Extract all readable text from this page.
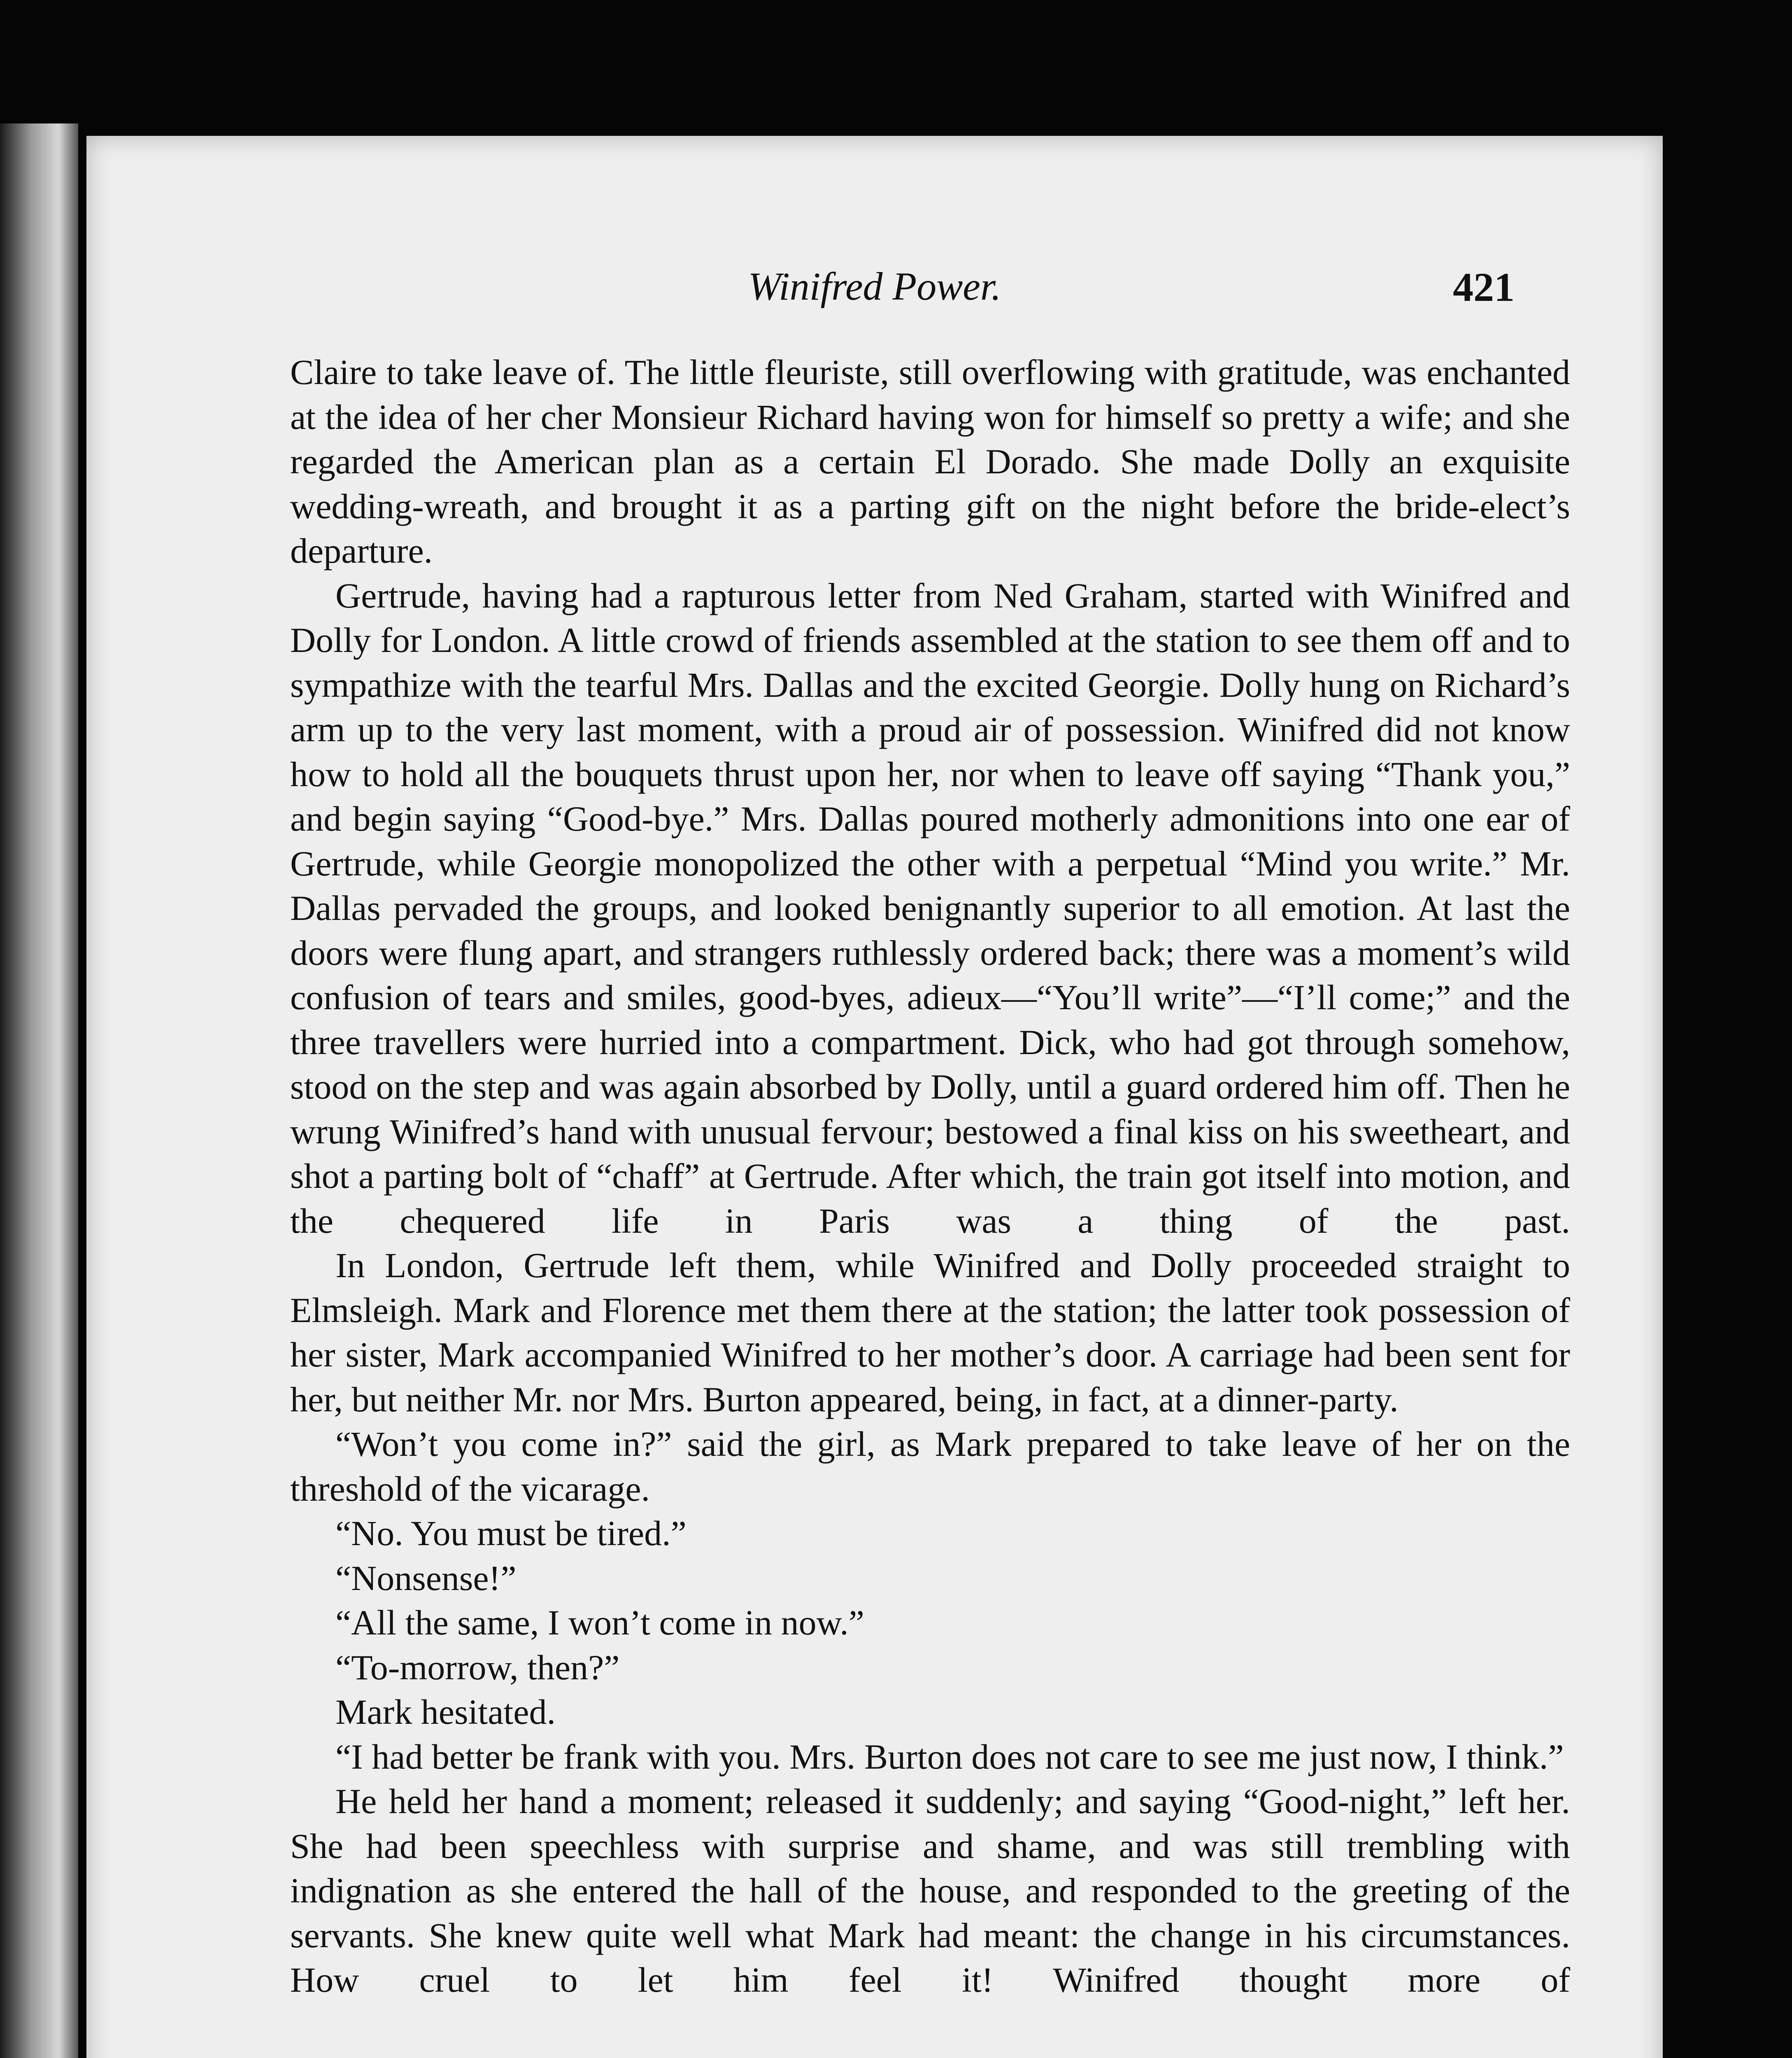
Winifred Power.	421

Claire to take leave of. The little fleuriste, still overflowing with gratitude, was enchanted at the idea of her cher Monsieur Richard having won for himself so pretty a wife; and she regarded the American plan as a certain El Dorado. She made Dolly an exquisite wedding-wreath, and brought it as a parting gift on the night before the bride-elect’s departure.

Gertrude, having had a rapturous letter from Ned Graham, started with Winifred and Dolly for London. A little crowd of friends assembled at the station to see them off and to sympathize with the tearful Mrs. Dallas and the excited Georgie. Dolly hung on Richard’s arm up to the very last moment, with a proud air of possession. Winifred did not know how to hold all the bouquets thrust upon her, nor when to leave off saying “Thank you,” and begin saying “Good-bye.” Mrs. Dallas poured motherly admonitions into one ear of Gertrude, while Georgie monopolized the other with a perpetual “Mind you write.” Mr. Dallas pervaded the groups, and looked benignantly superior to all emotion. At last the doors were flung apart, and strangers ruthlessly ordered back; there was a moment’s wild confusion of tears and smiles, good-byes, adieux—“You’ll write”—“I’ll come;” and the three travellers were hurried into a compartment. Dick, who had got through somehow, stood on the step and was again absorbed by Dolly, until a guard ordered him off. Then he wrung Winifred’s hand with unusual fervour; bestowed a final kiss on his sweetheart, and shot a parting bolt of “chaff” at Gertrude. After which, the train got itself into motion, and the chequered life in Paris was a thing of the past.

In London, Gertrude left them, while Winifred and Dolly proceeded straight to Elmsleigh. Mark and Florence met them there at the station; the latter took possession of her sister, Mark accompanied Winifred to her mother’s door. A carriage had been sent for her, but neither Mr. nor Mrs. Burton appeared, being, in fact, at a dinner-party.

“Won’t you come in?” said the girl, as Mark prepared to take leave of her on the threshold of the vicarage.

“No. You must be tired.”

“Nonsense!”

“All the same, I won’t come in now.”

“To-morrow, then?”

Mark hesitated.

“I had better be frank with you. Mrs. Burton does not care to see me just now, I think.”

He held her hand a moment; released it suddenly; and saying “Good-night,” left her. She had been speechless with surprise and shame, and was still trembling with indignation as she entered the hall of the house, and responded to the greeting of the servants. She knew quite well what Mark had meant: the change in his circumstances. How cruel to let him feel it! Winifred thought more of
